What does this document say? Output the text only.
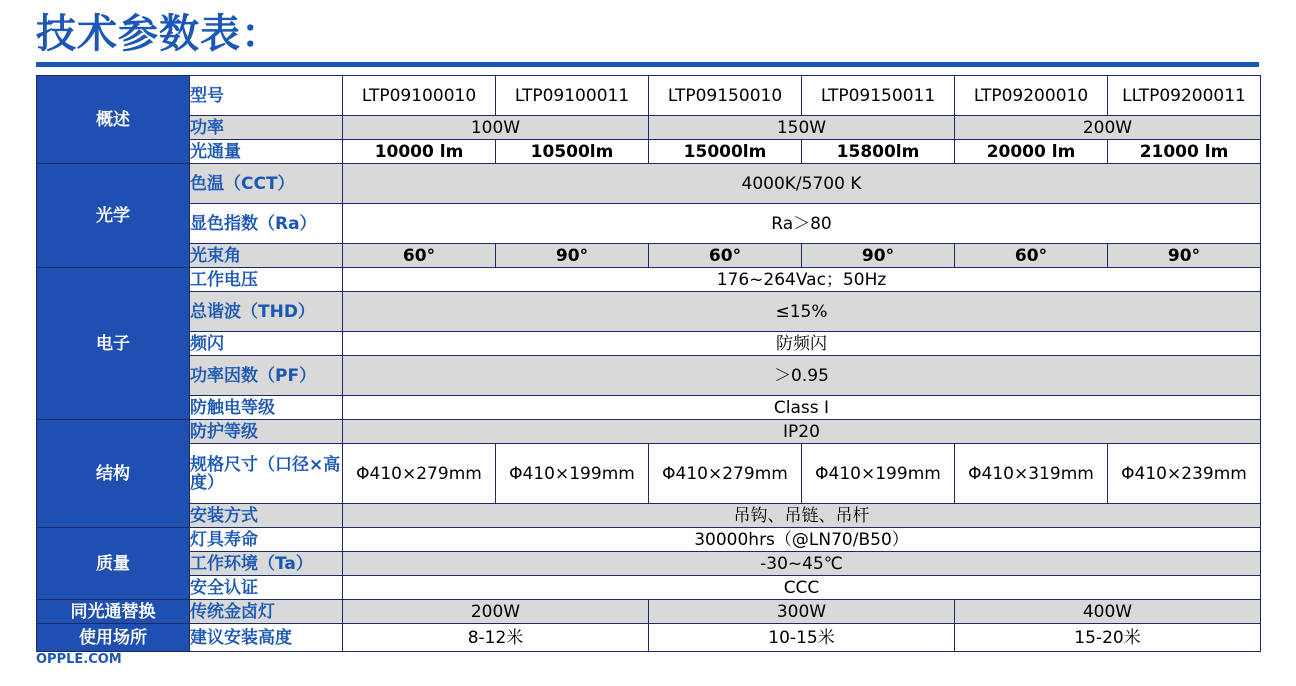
技术参数表：
概述	型号	LTP09100010	LTP09100011	LTP09150010	LTP09150011	LTP09200010	LLTP09200011
	功率	100W		150W		200W	
	光通量	10000 lm	10500lm	15000lm	15800lm	20000 lm	21000 lm
光学	色温（CCT）	4000K/5700 K					
	显色指数（Ra）	Ra＞80					
	光束角	60°	90°	60°	90°	60°	90°
电子	工作电压	176~264Vac；50Hz					
	总谐波（THD）	≤15%					
	频闪	防频闪					
	功率因数（PF）	＞0.95					
	防触电等级	Class I					
结构	防护等级	IP20					
	规格尺寸（口径×高度）	Φ410×279mm	Φ410×199mm	Φ410×279mm	Φ410×199mm	Φ410×319mm	Φ410×239mm
	安装方式	吊钩、吊链、吊杆					
质量	灯具寿命	30000hrs（@LN70/B50）					
	工作环境（Ta）	-30~45℃					
	安全认证	CCC					
同光通替换	传统金卤灯	200W		300W		400W	
使用场所	建议安装高度	8-12米		10-15米		15-20米	
OPPLE.COM
